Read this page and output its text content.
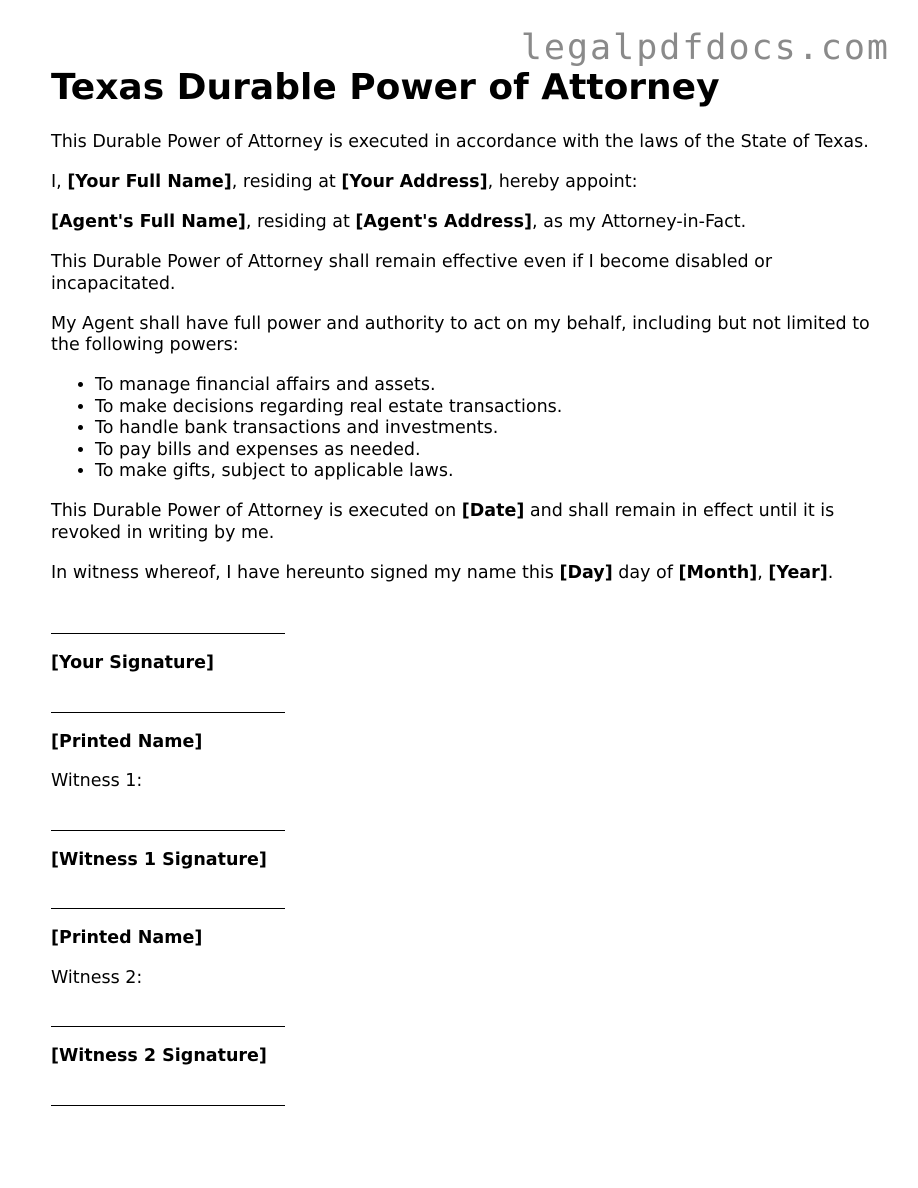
legalpdfdocs.com
Texas Durable Power of Attorney

This Durable Power of Attorney is executed in accordance with the laws of the State of Texas.

I, [Your Full Name], residing at [Your Address], hereby appoint:

[Agent's Full Name], residing at [Agent's Address], as my Attorney-in-Fact.

This Durable Power of Attorney shall remain effective even if I become disabled or incapacitated.

My Agent shall have full power and authority to act on my behalf, including but not limited to the following powers:

• To manage financial affairs and assets.
• To make decisions regarding real estate transactions.
• To handle bank transactions and investments.
• To pay bills and expenses as needed.
• To make gifts, subject to applicable laws.

This Durable Power of Attorney is executed on [Date] and shall remain in effect until it is revoked in writing by me.

In witness whereof, I have hereunto signed my name this [Day] day of [Month], [Year].

[Your Signature]
[Printed Name]
Witness 1:
[Witness 1 Signature]
[Printed Name]
Witness 2:
[Witness 2 Signature]
